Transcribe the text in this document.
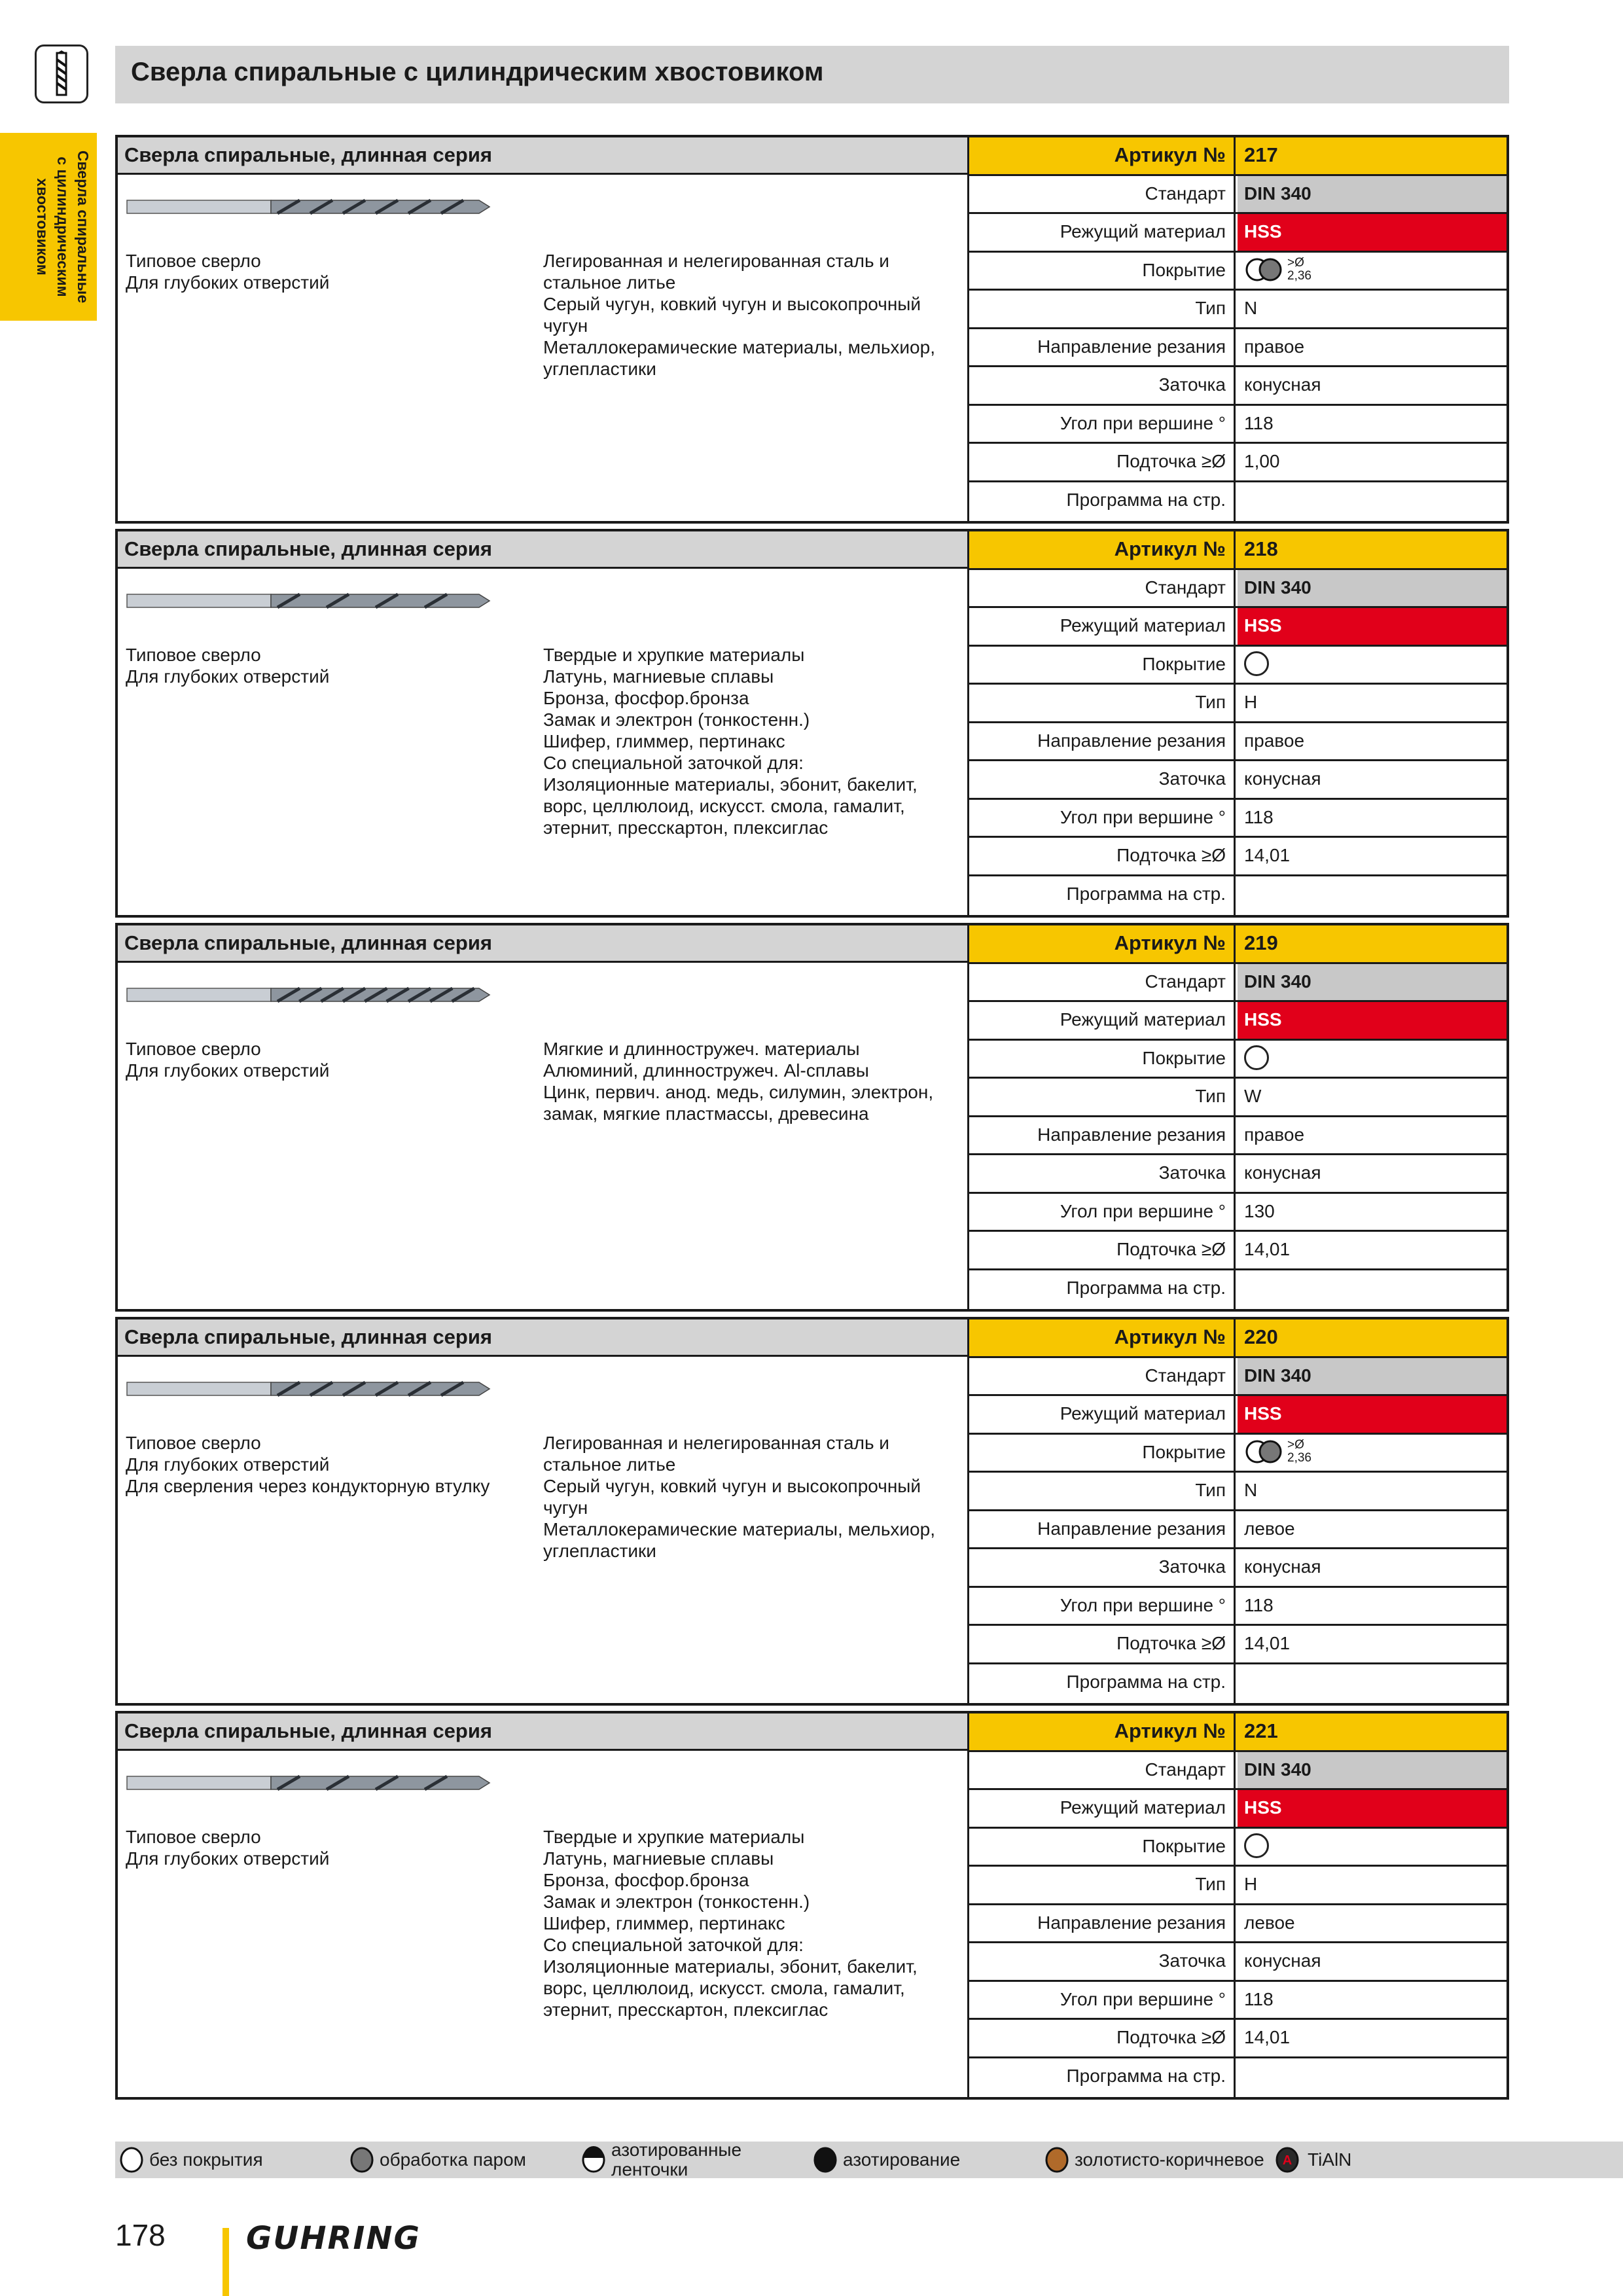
Сверла спиральные с цилиндрическим хвостовиком
Сверла спиральные
с цилиндрическим
хвостовиком
Сверла спиральные, длинная серия
Типовое сверло
Для глубоких отверстий
Легированная и нелегированная сталь и
стальное литье
Серый чугун, ковкий чугун и высокопрочный
чугун
Металлокерамические материалы, мельхиор,
углепластики
Артикул № 217
Стандарт	DIN 340
Режущий материал	HSS
Покрытие	>Ø
2,36
Тип	N
Направление резания	правое
Заточка	конусная
Угол при вершине °	118
Подточка ≥Ø	1,00
Программа на стр.
Сверла спиральные, длинная серия
Типовое сверло
Для глубоких отверстий
Твердые и хрупкие материалы
Латунь, магниевые сплавы
Бронза, фосфор.бронза
Замак и электрон (тонкостенн.)
Шифер, глиммер, пертинакс
Со специальной заточкой для:
Изоляционные материалы, эбонит, бакелит,
ворс, целлюлоид, искусст. смола, гамалит,
этернит, пресскартон, плексиглас
Артикул № 218
Стандарт	DIN 340
Режущий материал	HSS
Покрытие
Тип	H
Направление резания	правое
Заточка	конусная
Угол при вершине °	118
Подточка ≥Ø	14,01
Программа на стр.
Сверла спиральные, длинная серия
Типовое сверло
Для глубоких отверстий
Мягкие и длинностружеч. материалы
Алюминий, длинностружеч. Al-сплавы
Цинк, первич. анод. медь, силумин, электрон,
замак, мягкие пластмассы, древесина
Артикул № 219
Стандарт	DIN 340
Режущий материал	HSS
Покрытие
Тип	W
Направление резания	правое
Заточка	конусная
Угол при вершине °	130
Подточка ≥Ø	14,01
Программа на стр.
Сверла спиральные, длинная серия
Типовое сверло
Для глубоких отверстий
Для сверления через кондукторную втулку
Легированная и нелегированная сталь и
стальное литье
Серый чугун, ковкий чугун и высокопрочный
чугун
Металлокерамические материалы, мельхиор,
углепластики
Артикул № 220
Стандарт	DIN 340
Режущий материал	HSS
Покрытие	>Ø
2,36
Тип	N
Направление резания	левое
Заточка	конусная
Угол при вершине °	118
Подточка ≥Ø	14,01
Программа на стр.
Сверла спиральные, длинная серия
Типовое сверло
Для глубоких отверстий
Твердые и хрупкие материалы
Латунь, магниевые сплавы
Бронза, фосфор.бронза
Замак и электрон (тонкостенн.)
Шифер, глиммер, пертинакс
Со специальной заточкой для:
Изоляционные материалы, эбонит, бакелит,
ворс, целлюлоид, искусст. смола, гамалит,
этернит, пресскартон, плексиглас
Артикул № 221
Стандарт	DIN 340
Режущий материал	HSS
Покрытие
Тип	H
Направление резания	левое
Заточка	конусная
Угол при вершине °	118
Подточка ≥Ø	14,01
Программа на стр.
без покрытия	обработка паром	азотированные
ленточки	азотирование	золотисто-коричневое A TiAlN
178	GUHRING
